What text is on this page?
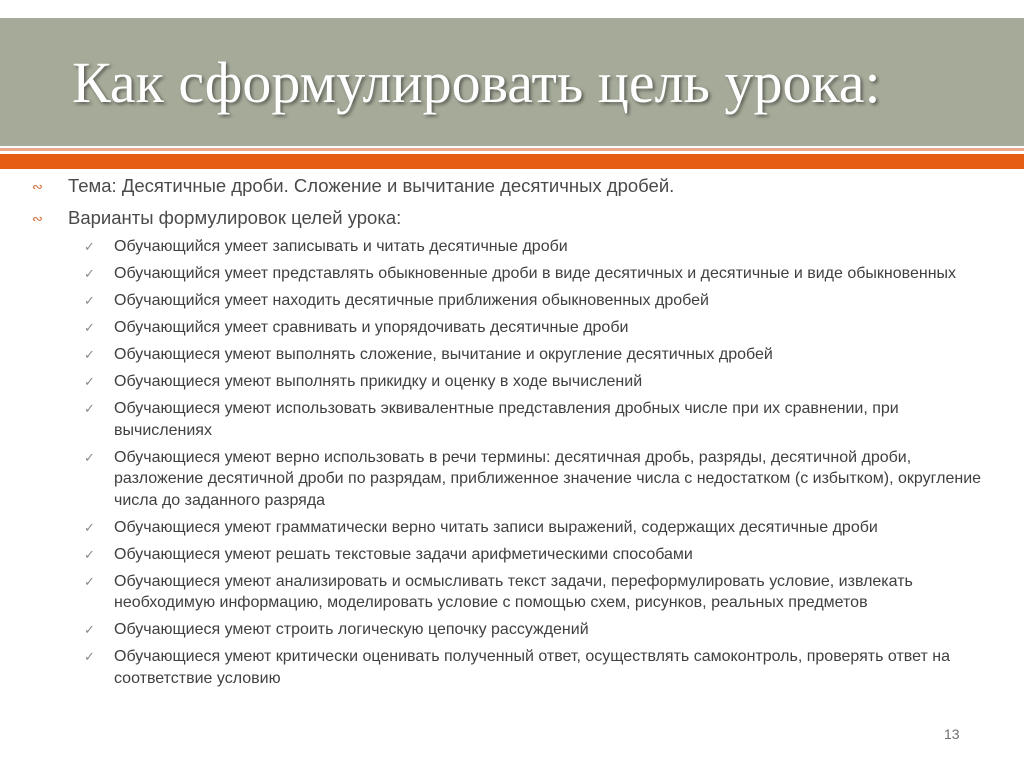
Как сформулировать цель урока:
∾ Тема: Десятичные дроби. Сложение и вычитание десятичных дробей.
∾ Варианты формулировок целей урока:
✓ Обучающийся умеет записывать и читать десятичные дроби
✓ Обучающийся умеет представлять обыкновенные дроби в виде десятичных и десятичные и виде обыкновенных
✓ Обучающийся умеет находить десятичные приближения обыкновенных дробей
✓ Обучающийся умеет сравнивать и упорядочивать десятичные дроби
✓ Обучающиеся умеют выполнять сложение, вычитание и округление десятичных дробей
✓ Обучающиеся умеют выполнять прикидку и оценку в ходе вычислений
✓ Обучающиеся умеют использовать эквивалентные представления дробных числе при их сравнении, при вычислениях
✓ Обучающиеся умеют верно использовать в речи термины: десятичная дробь, разряды, десятичной дроби, разложение десятичной дроби по разрядам, приближенное значение числа с недостатком (с избытком), округление числа до заданного разряда
✓ Обучающиеся умеют грамматически верно читать записи выражений, содержащих десятичные дроби
✓ Обучающиеся умеют решать текстовые задачи арифметическими способами
✓ Обучающиеся умеют анализировать и осмысливать текст задачи, переформулировать условие, извлекать необходимую информацию, моделировать условие с помощью схем, рисунков, реальных предметов
✓ Обучающиеся умеют строить логическую цепочку рассуждений
✓ Обучающиеся умеют критически оценивать полученный ответ, осуществлять самоконтроль, проверять ответ на соответствие условию
13
